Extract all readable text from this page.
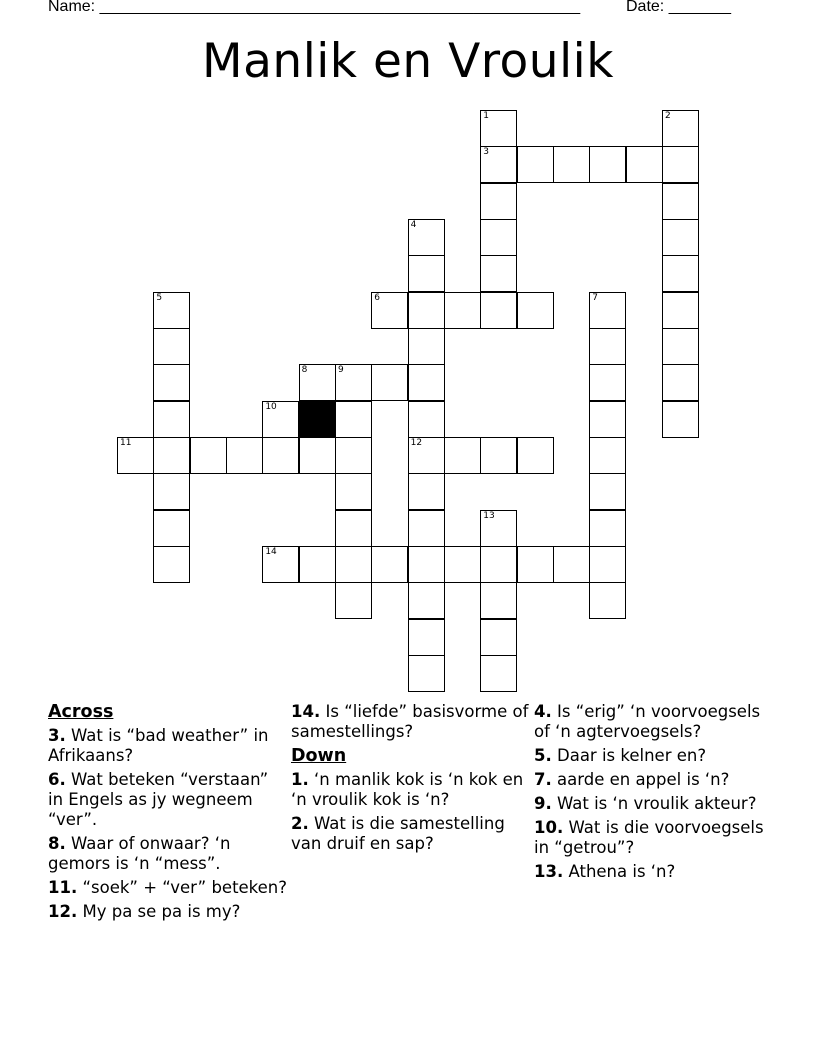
Name: ______________________________________________________	Date: _______
Manlik en Vroulik
3
6
8	9
11	12
14
1	2
4
5	7
10
13
Across
3. Wat is “bad weather” in Afrikaans?
6. Wat beteken “verstaan” in Engels as jy wegneem “ver”.
8. Waar of onwaar? ‘n gemors is ‘n “mess”.
11. “soek” + “ver” beteken?
12. My pa se pa is my?
14. Is “liefde” basisvorme of samestellings?
Down
1. ‘n manlik kok is ‘n kok en ‘n vroulik kok is ‘n?
2. Wat is die samestelling van druif en sap?
4. Is “erig” ‘n voorvoegsels of ‘n agtervoegsels?
5. Daar is kelner en?
7. aarde en appel is ‘n?
9. Wat is ‘n vroulik akteur?
10. Wat is die voorvoegsels in “getrou”?
13. Athena is ‘n?
